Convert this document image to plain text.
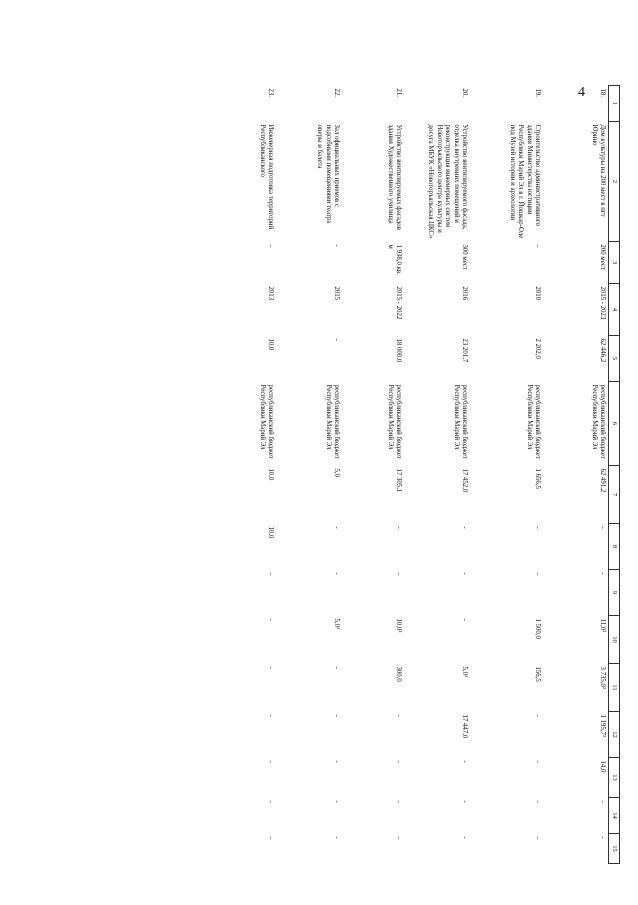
4
1	2	3	4	5	6	7	8	9	10	11	12	13	14	15
18.	Дом культуры на 200 мест в пгт Юрино	200 мест	2015 - 2023	62 446,2	республиканский бюджет Республики Марий Эл	62 491,2	-	-	11,0³	3 735,0³	1 195,7³	14,0	-	-
19.	Строительство административного здания Министерства юстиции Республики Марий Эл в г. Йошкар-Оле под Музей истории и археологии	-	2010	2 202,0	республиканский бюджет Республики Марий Эл	1 656,5	-	-	1 500,0	156,5	-	-	-	-
20.	Устройство вентилируемого фасада, отделка внутренних помещений и реконструкция инженерных систем Новоторъяльского центра культуры и досуга МБУК «Новоторъяльская ЦКС»	300 мест	2016	23 201,7	республиканский бюджет Республики Марий Эл	17 452,0	-	-	-	5,0³	17 447,0	-	-	-
21.	Устройство вентилируемых фасадов здания Художественного училища	1 938,0 кв. м	2015 - 2022	18 000,0	республиканский бюджет Республики Марий Эл	17 305,1	-	-	10,0³	300,0	-	-	-	-
22.	Зал официальных приемов с подсобными помещениями театра оперы и балета	-	2015	-	республиканский бюджет Республики Марий Эл	5,0	-	-	5,0³	-	-	-	-	-
23.	Инженерная подготовка территорий Республиканского	-	2013	10,0	республиканский бюджет Республики Марий Эл	10,0	10,0	-	-	-	-	-	-	-
